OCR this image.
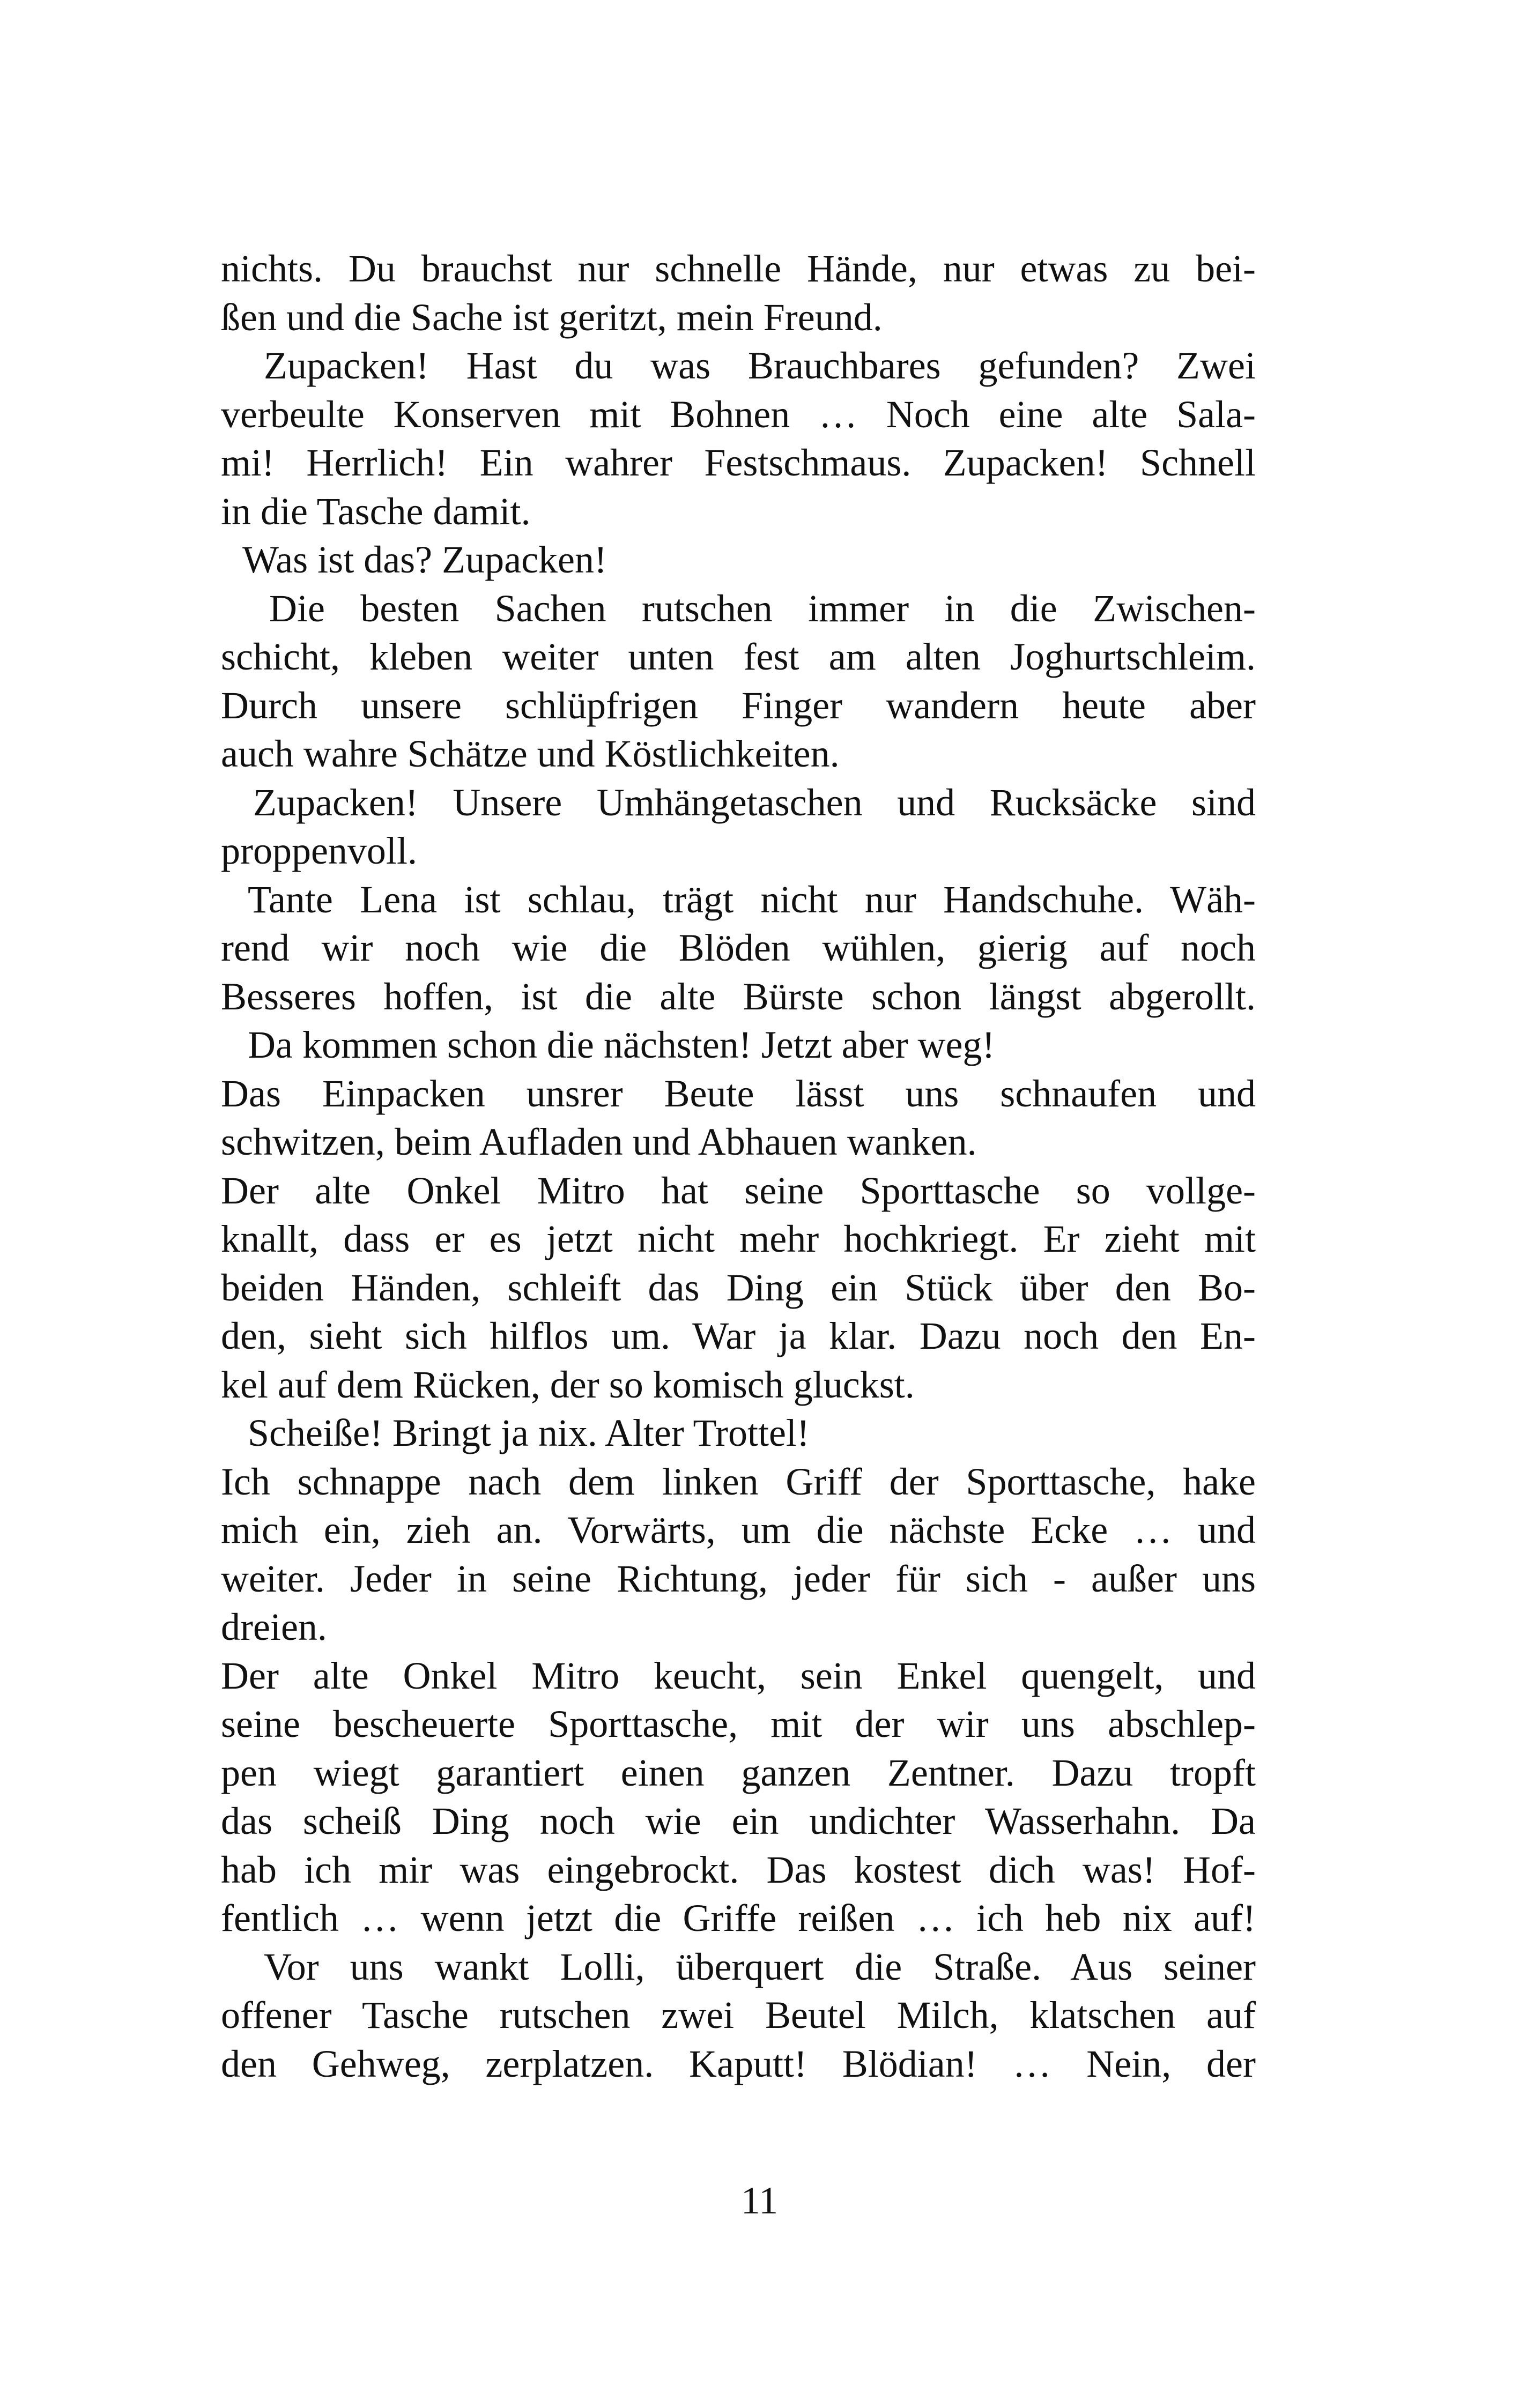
nichts. Du brauchst nur schnelle Hände, nur etwas zu bei-
ßen und die Sache ist geritzt, mein Freund.
Zupacken! Hast du was Brauchbares gefunden? Zwei
verbeulte Konserven mit Bohnen … Noch eine alte Sala-
mi! Herrlich! Ein wahrer Festschmaus. Zupacken! Schnell
in die Tasche damit.
Was ist das? Zupacken!
Die besten Sachen rutschen immer in die Zwischen-
schicht, kleben weiter unten fest am alten Joghurtschleim.
Durch unsere schlüpfrigen Finger wandern heute aber
auch wahre Schätze und Köstlichkeiten.
Zupacken! Unsere Umhängetaschen und Rucksäcke sind
proppenvoll.
Tante Lena ist schlau, trägt nicht nur Handschuhe. Wäh-
rend wir noch wie die Blöden wühlen, gierig auf noch
Besseres hoffen, ist die alte Bürste schon längst abgerollt.
Da kommen schon die nächsten! Jetzt aber weg!
Das Einpacken unsrer Beute lässt uns schnaufen und
schwitzen, beim Aufladen und Abhauen wanken.
Der alte Onkel Mitro hat seine Sporttasche so vollge-
knallt, dass er es jetzt nicht mehr hochkriegt. Er zieht mit
beiden Händen, schleift das Ding ein Stück über den Bo-
den, sieht sich hilflos um. War ja klar. Dazu noch den En-
kel auf dem Rücken, der so komisch gluckst.
Scheiße! Bringt ja nix. Alter Trottel!
Ich schnappe nach dem linken Griff der Sporttasche, hake
mich ein, zieh an. Vorwärts, um die nächste Ecke … und
weiter. Jeder in seine Richtung, jeder für sich - außer uns
dreien.
Der alte Onkel Mitro keucht, sein Enkel quengelt, und
seine bescheuerte Sporttasche, mit der wir uns abschlep-
pen wiegt garantiert einen ganzen Zentner. Dazu tropft
das scheiß Ding noch wie ein undichter Wasserhahn. Da
hab ich mir was eingebrockt. Das kostest dich was! Hof-
fentlich … wenn jetzt die Griffe reißen … ich heb nix auf!
Vor uns wankt Lolli, überquert die Straße. Aus seiner
offener Tasche rutschen zwei Beutel Milch, klatschen auf
den Gehweg, zerplatzen. Kaputt! Blödian! … Nein, der
11
